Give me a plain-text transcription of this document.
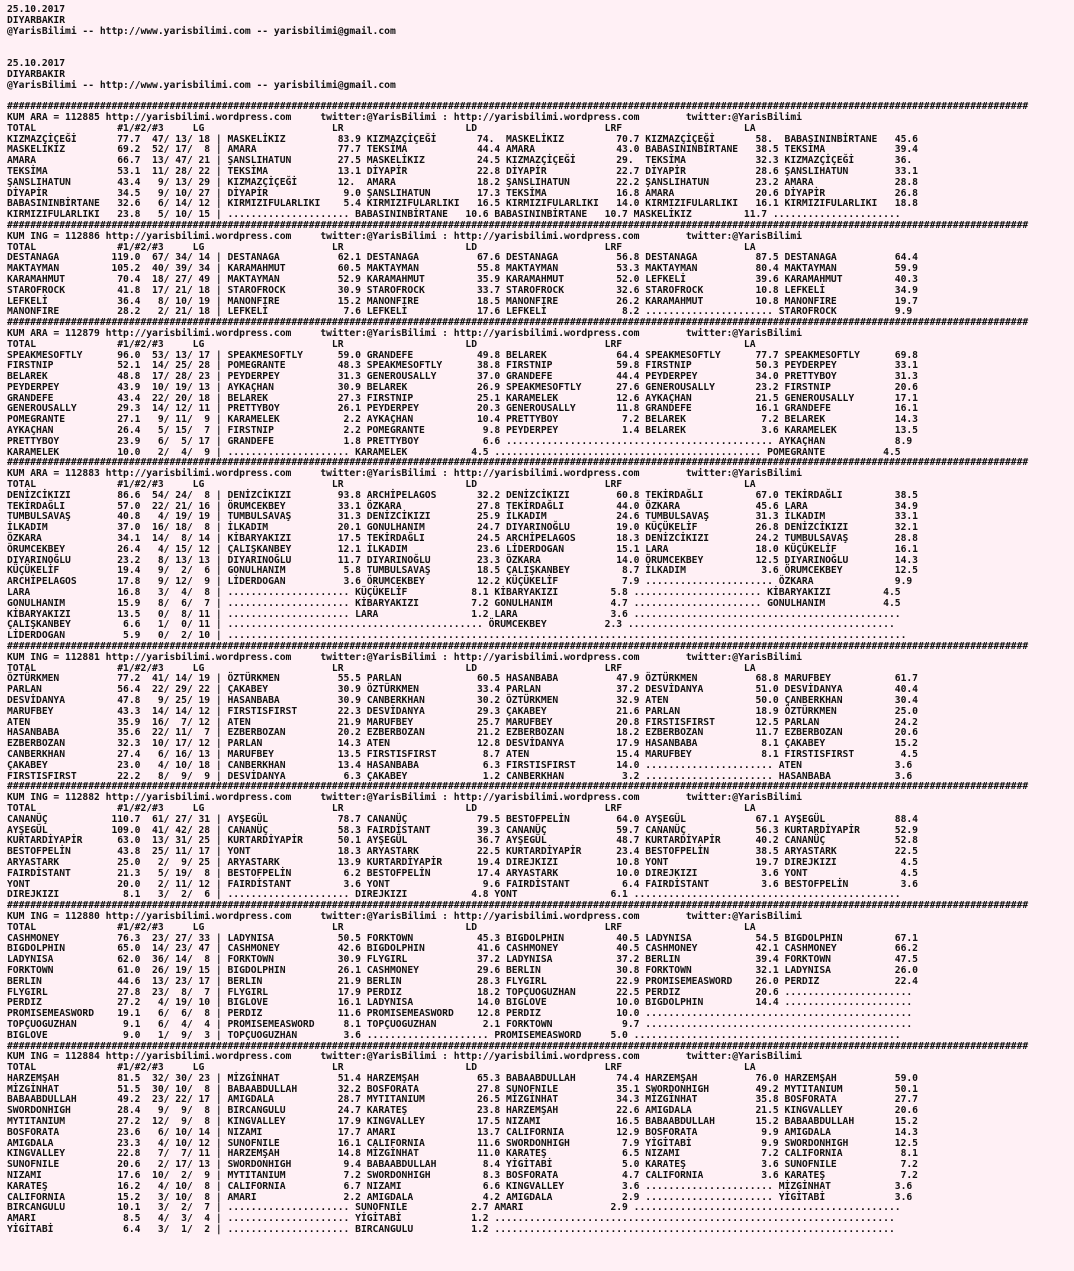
25.10.2017
DIYARBAKIR
@YarisBilimi -- http://www.yarisbilimi.com -- yarisbilimi@gmail.com
25.10.2017
DIYARBAKIR
@YarisBilimi -- http://www.yarisbilimi.com -- yarisbilimi@gmail.com
################################################################################################################################################################################
KUM ARA = 112885 http://yarisbilimi.wordpress.com     twitter:@YarisBilimi : http://yarisbilimi.wordpress.com        twitter:@YarisBilimi
TOTAL              #1/#2/#3     LG                      LR                     LD                      LRF                     LA
KIZMAZÇİÇEĞİ       77.7  47/ 13/ 18 | MASKELİKIZ         83.9 KIZMAZÇİÇEĞİ       74.  MASKELİKIZ         70.7 KIZMAZÇİÇEĞİ       58.  BABASININBİRTANE   45.6
MASKELİKIZ         69.2  52/ 17/  8 | AMARA              77.7 TEKSİMA            44.4 AMARA              43.0 BABASININBİRTANE   38.5 TEKSİMA            39.4
AMARA              66.7  13/ 47/ 21 | ŞANSLIHATUN        27.5 MASKELİKIZ         24.5 KIZMAZÇİÇEĞİ       29.  TEKSİMA            32.3 KIZMAZÇİÇEĞİ       36.
TEKSİMA            53.1  11/ 28/ 22 | TEKSİMA            13.1 DİYAPİR            22.8 DİYAPİR            22.7 DİYAPİR            28.6 ŞANSLIHATUN        33.1
ŞANSLIHATUN        43.4   9/ 13/ 29 | KIZMAZÇİÇEĞİ       12.  AMARA              18.2 ŞANSLIHATUN        22.2 ŞANSLIHATUN        23.2 AMARA              28.8
DİYAPİR            34.5   9/ 10/ 27 | DİYAPİR             9.0 ŞANSLIHATUN        17.3 TEKSİMA            16.8 AMARA              20.6 DİYAPİR            26.8
BABASININBİRTANE   32.6   6/ 14/ 12 | KIRMIZIFULARLIKI    5.4 KIRMIZIFULARLIKI   16.5 KIRMIZIFULARLIKI   14.0 KIRMIZIFULARLIKI   16.1 KIRMIZIFULARLIKI   18.8
KIRMIZIFULARLIKI   23.8   5/ 10/ 15 | ..................... BABASININBİRTANE   10.6 BABASININBİRTANE   10.7 MASKELİKIZ         11.7 ......................
################################################################################################################################################################################
KUM ING = 112886 http://yarisbilimi.wordpress.com     twitter:@YarisBilimi : http://yarisbilimi.wordpress.com        twitter:@YarisBilimi
TOTAL              #1/#2/#3     LG                      LR                     LD                      LRF                     LA
DESTANAGA         119.0  67/ 34/ 14 | DESTANAGA          62.1 DESTANAGA          67.6 DESTANAGA          56.8 DESTANAGA          87.5 DESTANAGA          64.4
MAKTAYMAN         105.2  40/ 39/ 34 | KARAMAHMUT         60.5 MAKTAYMAN          55.8 MAKTAYMAN          53.3 MAKTAYMAN          80.4 MAKTAYMAN          59.9
KARAMAHMUT         70.4  18/ 27/ 49 | MAKTAYMAN          52.9 KARAMAHMUT         35.9 KARAMAHMUT         52.0 LEFKELİ            39.6 KARAMAHMUT         40.3
STAROFROCK         41.8  17/ 21/ 18 | STAROFROCK         30.9 STAROFROCK         33.7 STAROFROCK         32.6 STAROFROCK         10.8 LEFKELİ            34.9
LEFKELİ            36.4   8/ 10/ 19 | MANONFIRE          15.2 MANONFIRE          18.5 MANONFIRE          26.2 KARAMAHMUT         10.8 MANONFIRE          19.7
MANONFIRE          28.2   2/ 21/ 18 | LEFKELİ             7.6 LEFKELİ            17.6 LEFKELİ             8.2 ...................... STAROFROCK          9.9
################################################################################################################################################################################
KUM ARA = 112879 http://yarisbilimi.wordpress.com     twitter:@YarisBilimi : http://yarisbilimi.wordpress.com        twitter:@YarisBilimi
TOTAL              #1/#2/#3     LG                      LR                     LD                      LRF                     LA
SPEAKMESOFTLY      96.0  53/ 13/ 17 | SPEAKMESOFTLY      59.0 GRANDEFE           49.8 BELAREK            64.4 SPEAKMESOFTLY      77.7 SPEAKMESOFTLY      69.8
FIRSTNIP           52.1  14/ 25/ 28 | POMEGRANTE         48.3 SPEAKMESOFTLY      38.8 FIRSTNIP           59.8 FIRSTNIP           50.3 PEYDERPEY          33.1
BELAREK            48.8  17/ 28/ 23 | PEYDERPEY          31.3 GENEROUSALLY       37.0 GRANDEFE           44.4 PEYDERPEY          34.0 PRETTYBOY          31.3
PEYDERPEY          43.9  10/ 19/ 13 | AYKAÇHAN           30.9 BELAREK            26.9 SPEAKMESOFTLY      27.6 GENEROUSALLY       23.2 FIRSTNIP           20.6
GRANDEFE           43.4  22/ 20/ 18 | BELAREK            27.3 FIRSTNIP           25.1 KARAMELEK          12.6 AYKAÇHAN           21.5 GENEROUSALLY       17.1
GENEROUSALLY       29.3  14/ 12/ 11 | PRETTYBOY          26.1 PEYDERPEY          20.3 GENEROUSALLY       11.8 GRANDEFE           16.1 GRANDEFE           16.1
POMEGRANTE         27.1   9/ 11/  9 | KARAMELEK           2.2 AYKAÇHAN           10.4 PRETTYBOY           7.2 BELAREK             7.2 BELAREK            14.3
AYKAÇHAN           26.4   5/ 15/  7 | FIRSTNIP            2.2 POMEGRANTE          9.8 PEYDERPEY           1.4 BELAREK             3.6 KARAMELEK          13.5
PRETTYBOY          23.9   6/  5/ 17 | GRANDEFE            1.8 PRETTYBOY           6.6 .............................................. AYKAÇHAN            8.9
KARAMELEK          10.0   2/  4/  9 | ..................... KARAMELEK           4.5 .............................................. POMEGRANTE          4.5
################################################################################################################################################################################
KUM ARA = 112883 http://yarisbilimi.wordpress.com     twitter:@YarisBilimi : http://yarisbilimi.wordpress.com        twitter:@YarisBilimi
TOTAL              #1/#2/#3     LG                      LR                     LD                      LRF                     LA
DENİZCİKIZI        86.6  54/ 24/  8 | DENİZCİKIZI        93.8 ARCHİPELAGOS       32.2 DENİZCİKIZI        60.8 TEKİRDAĞLI         67.0 TEKİRDAĞLI         38.5
TEKİRDAĞLI         57.0  22/ 21/ 16 | ÖRUMCEKBEY         33.1 ÖZKARA             27.8 TEKİRDAĞLI         44.0 ÖZKARA             45.6 LARA               34.9
TUMBULSAVAŞ        40.8   4/ 19/ 19 | TUMBULSAVAŞ        31.3 DENİZCİKIZI        25.9 İLKADIM            24.6 TUMBULSAVAŞ        31.3 İLKADIM            33.1
İLKADIM            37.0  16/ 18/  8 | İLKADIM            20.1 GONULHANIM         24.7 DIYARINOĞLU        19.0 KÜÇÜKELİF          26.8 DENİZCİKIZI        32.1
ÖZKARA             34.1  14/  8/ 14 | KİBARYAKIZI        17.5 TEKİRDAĞLI         24.5 ARCHİPELAGOS       18.3 DENİZCİKIZI        24.2 TUMBULSAVAŞ        28.8
ÖRUMCEKBEY         26.4   4/ 15/ 12 | ÇALIŞKANBEY        12.1 İLKADIM            23.6 LİDERDOGAN         15.1 LARA               18.0 KÜÇÜKELİF          16.1
DIYARINOĞLU        23.2   8/ 13/ 13 | DIYARINOĞLU        11.7 DIYARINOĞLU        23.3 ÖZKARA             14.0 ÖRUMCEKBEY         12.5 DIYARINOĞLU        14.3
KÜÇÜKELİF          19.4   9/  2/  6 | GONULHANIM          5.8 TUMBULSAVAŞ        18.5 ÇALIŞKANBEY         8.7 İLKADIM             3.6 ÖRUMCEKBEY         12.5
ARCHİPELAGOS       17.8   9/ 12/  9 | LİDERDOGAN          3.6 ÖRUMCEKBEY         12.2 KÜÇÜKELİF           7.9 ...................... ÖZKARA              9.9
LARA               16.8   3/  4/  8 | ..................... KÜÇÜKELİF           8.1 KİBARYAKIZI         5.8 ...................... KİBARYAKIZI         4.5
GONULHANIM         15.9   8/  6/  7 | ..................... KİBARYAKIZI         7.2 GONULHANIM          4.7 ...................... GONULHANIM          4.5
KİBARYAKIZI        13.5   0/  8/ 11 | ..................... LARA                1.2 LARA                3.6 ..............................................
ÇALIŞKANBEY         6.6   1/  0/ 11 | ............................................ ÖRUMCEKBEY          2.3 ..............................................
LİDERDOGAN          5.9   0/  2/ 10 | .....................................................................................................................
################################################################################################################################################################################
KUM ING = 112881 http://yarisbilimi.wordpress.com     twitter:@YarisBilimi : http://yarisbilimi.wordpress.com        twitter:@YarisBilimi
TOTAL              #1/#2/#3     LG                      LR                     LD                      LRF                     LA
ÖZTÜRKMEN          77.2  41/ 14/ 19 | ÖZTÜRKMEN          55.5 PARLAN             60.5 HASANBABA          47.9 ÖZTÜRKMEN          68.8 MARUFBEY           61.7
PARLAN             56.4  22/ 29/ 22 | ÇAKABEY            30.9 ÖZTÜRKMEN          33.4 PARLAN             37.2 DESVİDANYA         51.0 DESVİDANYA         40.4
DESVİDANYA         47.8   9/ 25/ 19 | HASANBABA          30.9 CANBERKHAN         30.2 ÖZTÜRKMEN          32.9 ATEN               50.0 ÇANBERKHAN         30.4
MARUFBEY           43.3  14/ 14/ 12 | FIRSTISFIRST       22.3 DESVİDANYA         29.3 ÇAKABEY            21.6 PARLAN             18.9 ÖZTÜRKMEN          25.0
ATEN               35.9  16/  7/ 12 | ATEN               21.9 MARUFBEY           25.7 MARUFBEY           20.8 FIRSTISFIRST       12.5 PARLAN             24.2
HASANBABA          35.6  22/ 11/  7 | EZBERBOZAN         20.2 EZBERBOZAN         21.2 EZBERBOZAN         18.2 EZBERBOZAN         11.7 EZBERBOZAN         20.6
EZBERBOZAN         32.3  10/ 17/ 12 | PARLAN             14.3 ATEN               12.8 DESVİDANYA         17.9 HASANBABA           8.1 ÇAKABEY            15.2
CANBERKHAN         27.4   6/ 16/ 13 | MARUFBEY           13.5 FIRSTISFIRST        8.7 ATEN               15.4 MARUFBEY            8.1 FIRSTISFIRST        4.5
ÇAKABEY            23.0   4/ 10/ 18 | CANBERKHAN         13.4 HASANBABA           6.3 FIRSTISFIRST       14.0 ...................... ATEN                3.6
FIRSTISFIRST       22.2   8/  9/  9 | DESVİDANYA          6.3 ÇAKABEY             1.2 CANBERKHAN          3.2 ...................... HASANBABA           3.6
################################################################################################################################################################################
KUM ING = 112882 http://yarisbilimi.wordpress.com     twitter:@YarisBilimi : http://yarisbilimi.wordpress.com        twitter:@YarisBilimi
TOTAL              #1/#2/#3     LG                      LR                     LD                      LRF                     LA
CANANÜÇ           110.7  61/ 27/ 31 | AYŞEGÜL            78.7 CANANÜÇ            79.5 BESTOFPELİN        64.0 AYŞEGÜL            67.1 AYŞEGÜL            88.4
AYŞEGÜL           109.0  41/ 42/ 28 | CANANÜÇ            58.3 FAIRDİSTANT        39.3 CANANÜÇ            59.7 CANANÜÇ            56.3 KURTARDİYAPİR      52.9
KURTARDİYAPİR      63.0  13/ 31/ 25 | KURTARDİYAPİR      50.1 AYŞEGÜL            36.7 AYŞEGÜL            48.7 KURTARDİYAPİR      40.2 CANANÜÇ            52.8
BESTOFPELİN        43.8  25/ 11/ 17 | YONT               18.3 ARYASTARK          22.5 KURTARDİYAPİR      23.4 BESTOFPELİN        38.5 ARYASTARK          22.5
ARYASTARK          25.0   2/  9/ 25 | ARYASTARK          13.9 KURTARDİYAPİR      19.4 DIREJKIZI          10.8 YONT               19.7 DIREJKIZI           4.5
FAIRDİSTANT        21.3   5/ 19/  8 | BESTOFPELİN         6.2 BESTOFPELİN        17.4 ARYASTARK          10.0 DIREJKIZI           3.6 YONT                4.5
YONT               20.0   2/ 11/ 12 | FAIRDİSTANT         3.6 YONT                9.6 FAIRDİSTANT         6.4 FAIRDİSTANT         3.6 BESTOFPELİN         3.6
DIREJKIZI           8.1   3/  2/  6 | ..................... DIREJKIZI           4.8 YONT                6.1 ..............................................
################################################################################################################################################################################
KUM ING = 112880 http://yarisbilimi.wordpress.com     twitter:@YarisBilimi : http://yarisbilimi.wordpress.com        twitter:@YarisBilimi
TOTAL              #1/#2/#3     LG                      LR                     LD                      LRF                     LA
CASHMONEY          76.3  23/ 27/ 33 | LADYNISA           50.5 FORKTOWN           45.3 BIGDOLPHIN         40.5 LADYNISA           54.5 BIGDOLPHIN         67.1
BIGDOLPHIN         65.0  14/ 23/ 47 | CASHMONEY          42.6 BIGDOLPHIN         41.6 CASHMONEY          40.5 CASHMONEY          42.1 CASHMONEY          66.2
LADYNISA           62.0  36/ 14/  8 | FORKTOWN           30.9 FLYGIRL            37.2 LADYNISA           37.2 BERLIN             39.4 FORKTOWN           47.5
FORKTOWN           61.0  26/ 19/ 15 | BIGDOLPHIN         26.1 CASHMONEY          29.6 BERLIN             30.8 FORKTOWN           32.1 LADYNISA           26.0
BERLIN             44.6  13/ 23/ 17 | BERLIN             21.9 BERLIN             28.3 FLYGIRL            22.9 PROMISEMEASWORD    26.0 PERDIZ             22.4
FLYGIRL            27.8  23/  8/  7 | FLYGIRL            17.9 PERDIZ             18.2 TOPÇUOGUZHAN       22.5 PERDIZ             20.6 ......................
PERDIZ             27.2   4/ 19/ 10 | BIGLOVE            16.1 LADYNISA           14.0 BIGLOVE            10.0 BIGDOLPHIN         14.4 ......................
PROMISEMEASWORD    19.1   6/  6/  8 | PERDIZ             11.6 PROMISEMEASWORD    12.8 PERDIZ             10.0 ..............................................
TOPÇUOGUZHAN        9.1   6/  4/  4 | PROMISEMEASWORD     8.1 TOPÇUOGUZHAN        2.1 FORKTOWN            9.7 ..............................................
BIGLOVE             9.0   1/  9/  3 | TOPÇUOGUZHAN        3.6 ..................... PROMISEMEASWORD     5.0 ..............................................
################################################################################################################################################################################
KUM ING = 112884 http://yarisbilimi.wordpress.com     twitter:@YarisBilimi : http://yarisbilimi.wordpress.com        twitter:@YarisBilimi
TOTAL              #1/#2/#3     LG                      LR                     LD                      LRF                     LA
HARZEMŞAH          81.5  32/ 30/ 23 | MİZGİNHAT          51.4 HARZEMŞAH          65.3 BABAABDULLAH       74.4 HARZEMŞAH          76.0 HARZEMŞAH          59.0
MİZGİNHAT          51.5  30/ 10/  8 | BABAABDULLAH       32.2 BOSFORATA          27.8 SUNOFNILE          35.1 SWORDONHIGH        49.2 MYTITANIUM         50.1
BABAABDULLAH       49.2  23/ 22/ 17 | AMIGDALA           28.7 MYTITANIUM         26.5 MİZGİNHAT          34.3 MİZGİNHAT          35.8 BOSFORATA          27.7
SWORDONHIGH        28.4   9/  9/  8 | BIRCANGULU         24.7 KARATEŞ            23.8 HARZEMŞAH          22.6 AMIGDALA           21.5 KINGVALLEY         20.6
MYTITANIUM         27.2  12/  9/  8 | KINGVALLEY         17.9 KINGVALLEY         17.5 NIZAMI             16.5 BABAABDULLAH       15.2 BABAABDULLAH       15.2
BOSFORATA          23.6   6/ 10/ 14 | NIZAMI             17.7 AMARI              13.7 CALIFORNIA         12.9 BOSFORATA           9.9 AMIGDALA           14.3
AMIGDALA           23.3   4/ 10/ 12 | SUNOFNILE          16.1 CALIFORNIA         11.6 SWORDONHIGH         7.9 YİGİTABİ            9.9 SWORDONHIGH        12.5
KINGVALLEY         22.8   7/  7/ 11 | HARZEMŞAH          14.8 MİZGİNHAT          11.0 KARATEŞ             6.5 NIZAMI              7.2 CALIFORNIA          8.1
SUNOFNILE          20.6   2/ 17/ 13 | SWORDONHIGH         9.4 BABAABDULLAH        8.4 YİGİTABİ            5.0 KARATEŞ             3.6 SUNOFNILE           7.2
NIZAMI             17.6  10/  2/  9 | MYTITANIUM          7.2 SWORDONHIGH         8.3 BOSFORATA           4.7 CALIFORNIA          3.6 KARATEŞ             7.2
KARATEŞ            16.2   4/ 10/  8 | CALIFORNIA          6.7 NIZAMI              6.6 KINGVALLEY          3.6 ...................... MİZGİNHAT           3.6
CALIFORNIA         15.2   3/ 10/  8 | AMARI               2.2 AMIGDALA            4.2 AMIGDALA            2.9 ...................... YİGİTABİ            3.6
BIRCANGULU         10.1   3/  2/  7 | ..................... SUNOFNILE           2.7 AMARI               2.9 ..............................................
AMARI               8.5   4/  3/  4 | ..................... YİGİTABİ            1.2 .....................................................................
YİGİTABİ            6.4   3/  1/  2 | ..................... BIRCANGULU          1.2 .....................................................................
